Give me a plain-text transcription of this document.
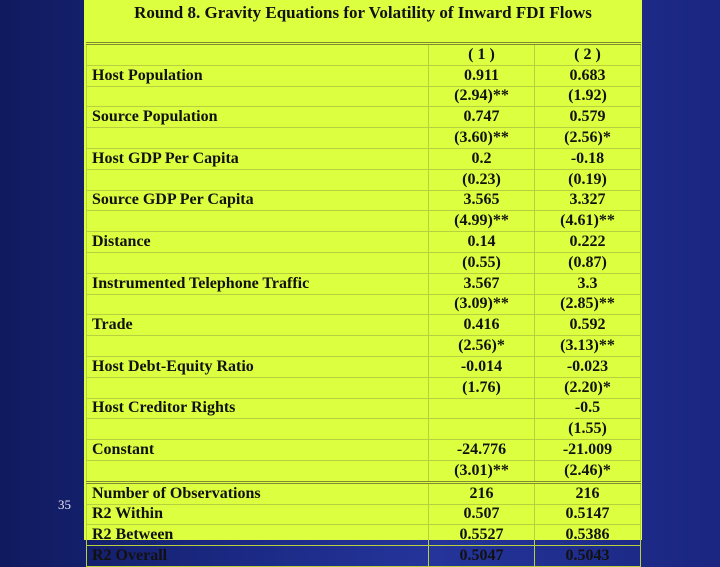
35
Round 8. Gravity Equations for Volatility of Inward FDI Flows
	( 1 )	( 2 )
Host Population	0.911	0.683
	(2.94)**	(1.92)
Source Population	0.747	0.579
	(3.60)**	(2.56)*
Host GDP Per Capita	0.2	-0.18
	(0.23)	(0.19)
Source GDP Per Capita	3.565	3.327
	(4.99)**	(4.61)**
Distance	0.14	0.222
	(0.55)	(0.87)
Instrumented Telephone Traffic	3.567	3.3
	(3.09)**	(2.85)**
Trade	0.416	0.592
	(2.56)*	(3.13)**
Host Debt-Equity Ratio	-0.014	-0.023
	(1.76)	(2.20)*
Host Creditor Rights		-0.5
		(1.55)
Constant	-24.776	-21.009
	(3.01)**	(2.46)*
Number of Observations	216	216
R2 Within	0.507	0.5147
R2 Between	0.5527	0.5386
R2 Overall	0.5047	0.5043
